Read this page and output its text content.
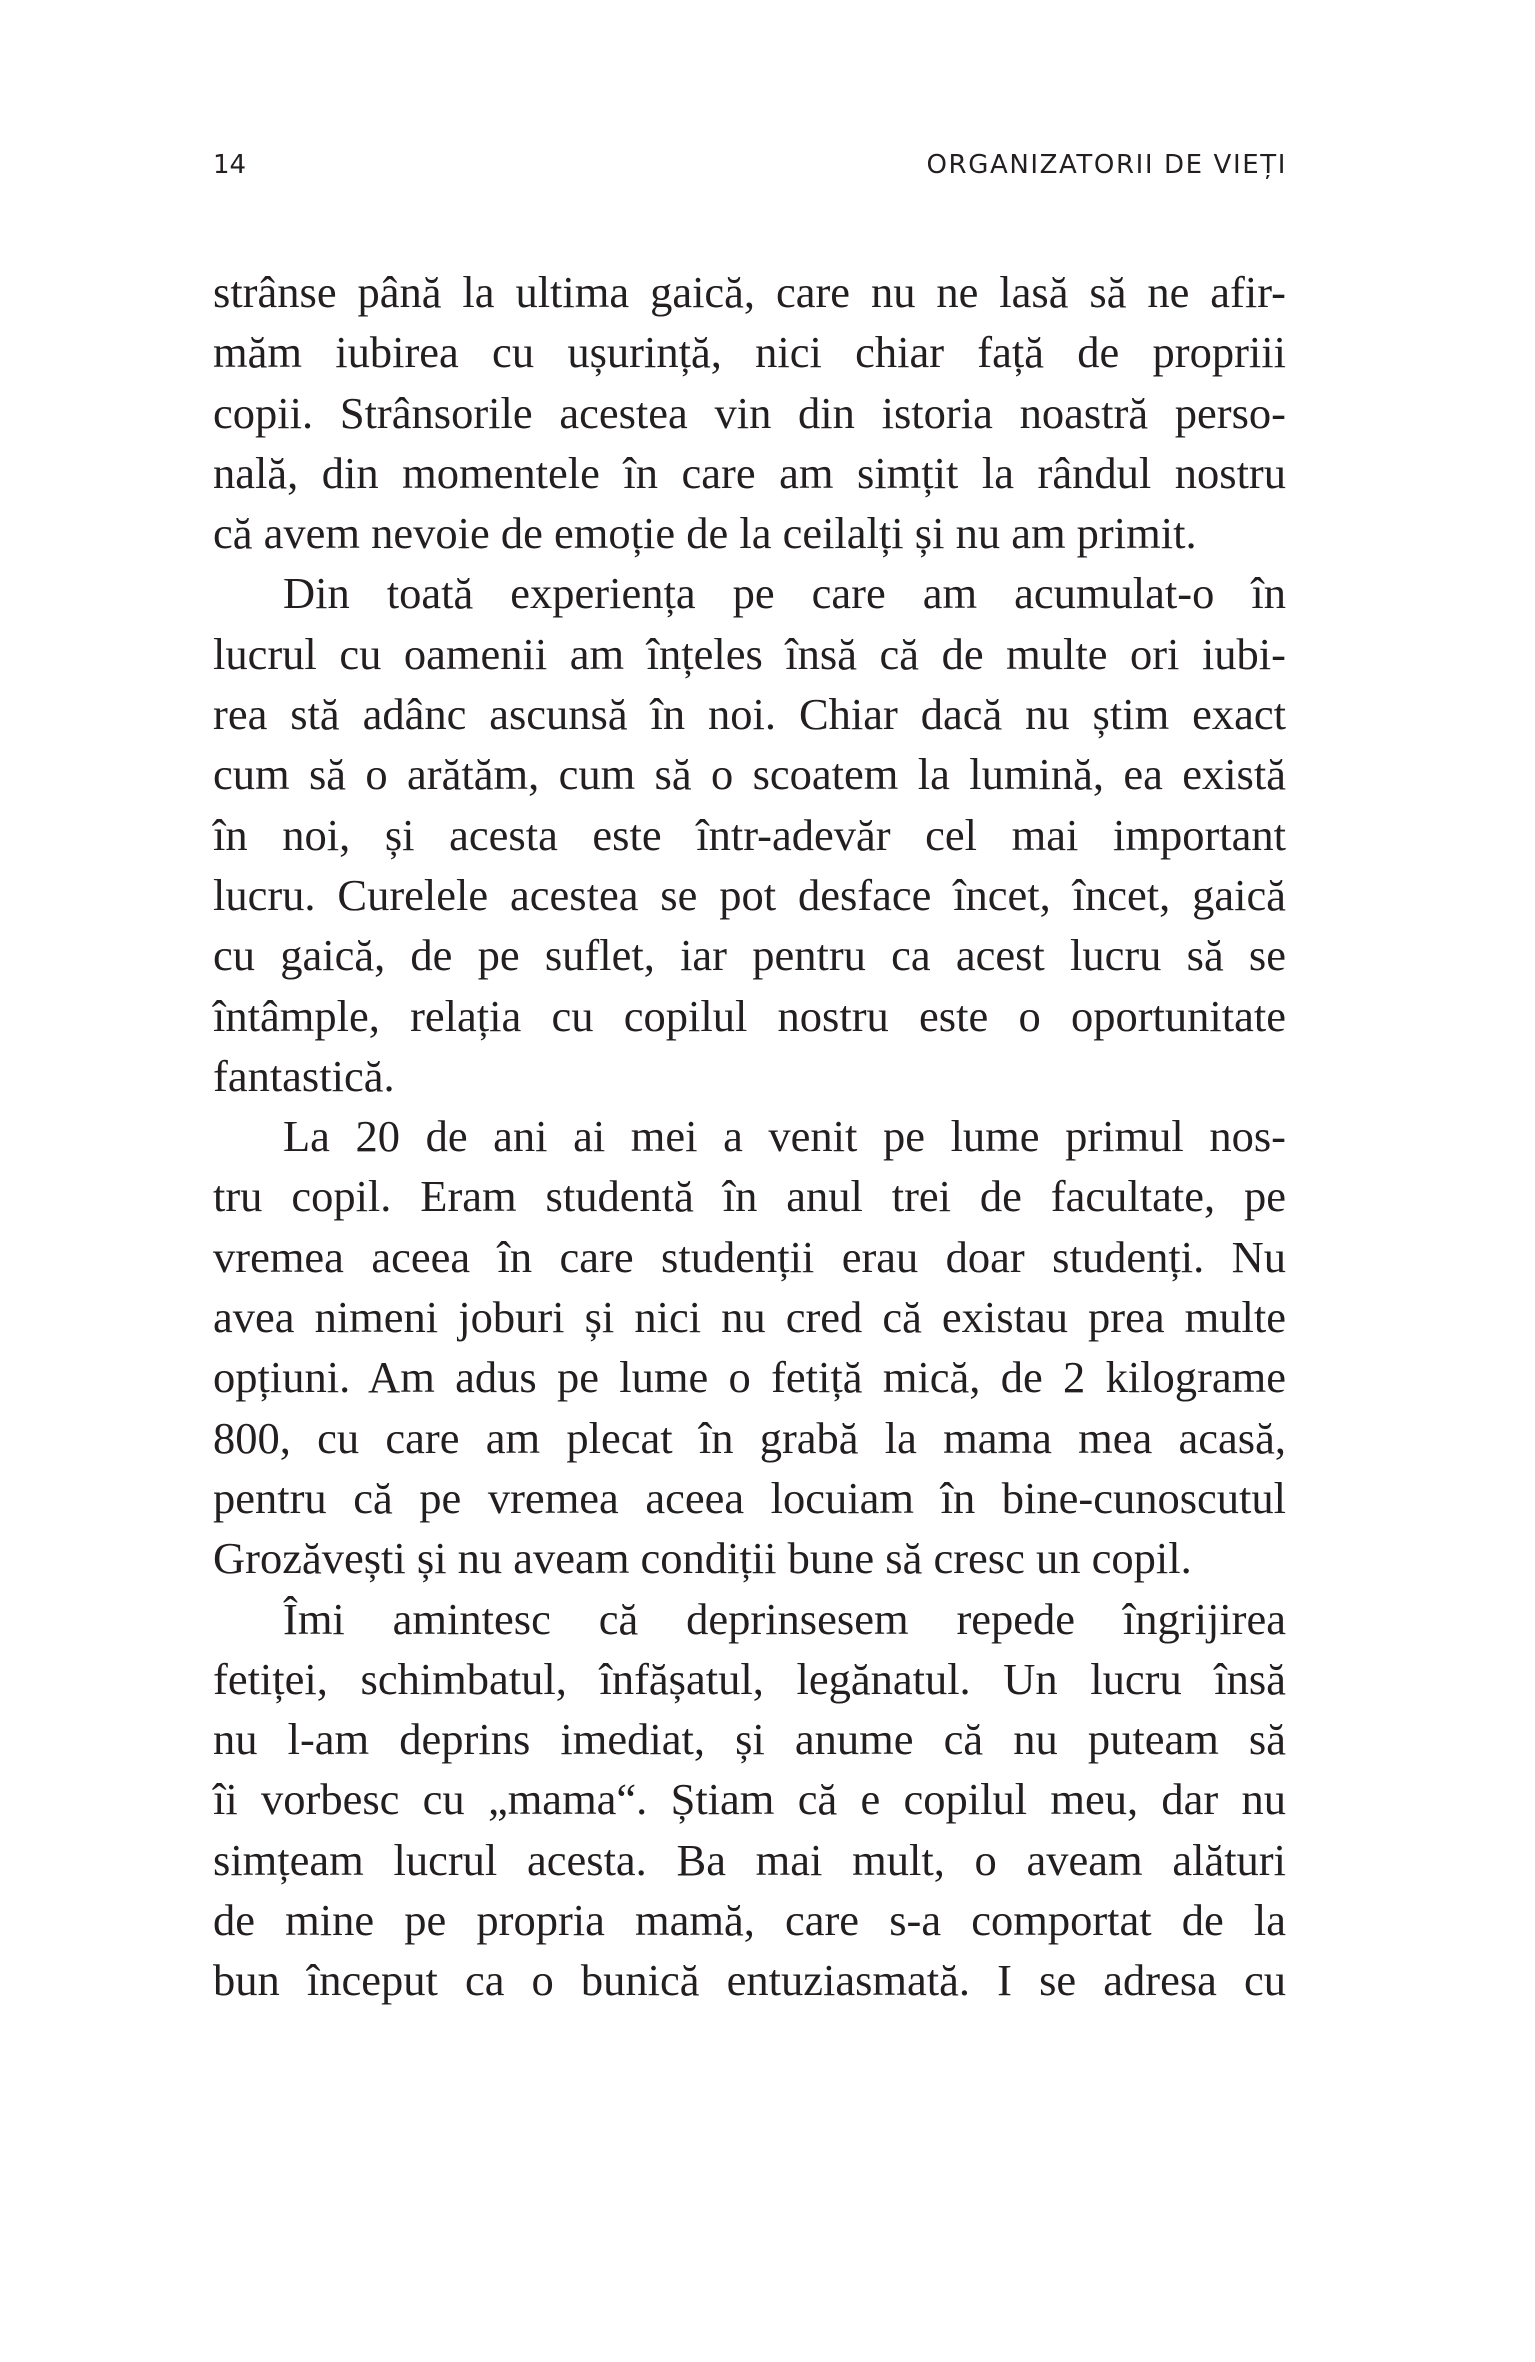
14	ORGANIZATORII DE VIEȚI
strânse până la ultima gaică, care nu ne lasă să ne afir-
măm iubirea cu ușurință, nici chiar față de propriii
copii. Strânsorile acestea vin din istoria noastră perso-
nală, din momentele în care am simțit la rândul nostru
că avem nevoie de emoție de la ceilalți și nu am primit.
Din toată experiența pe care am acumulat-o în
lucrul cu oamenii am înțeles însă că de multe ori iubi-
rea stă adânc ascunsă în noi. Chiar dacă nu știm exact
cum să o arătăm, cum să o scoatem la lumină, ea există
în noi, și acesta este într-adevăr cel mai important
lucru. Curelele acestea se pot desface încet, încet, gaică
cu gaică, de pe suflet, iar pentru ca acest lucru să se
întâmple, relația cu copilul nostru este o oportunitate
fantastică.
La 20 de ani ai mei a venit pe lume primul nos-
tru copil. Eram studentă în anul trei de facultate, pe
vremea aceea în care studenții erau doar studenți. Nu
avea nimeni joburi și nici nu cred că existau prea multe
opțiuni. Am adus pe lume o fetiță mică, de 2 kilograme
800, cu care am plecat în grabă la mama mea acasă,
pentru că pe vremea aceea locuiam în bine-cunoscutul
Grozăvești și nu aveam condiții bune să cresc un copil.
Îmi amintesc că deprinsesem repede îngrijirea
fetiței, schimbatul, înfășatul, legănatul. Un lucru însă
nu l-am deprins imediat, și anume că nu puteam să
îi vorbesc cu „mama“. Știam că e copilul meu, dar nu
simțeam lucrul acesta. Ba mai mult, o aveam alături
de mine pe propria mamă, care s-a comportat de la
bun început ca o bunică entuziasmată. I se adresa cu
